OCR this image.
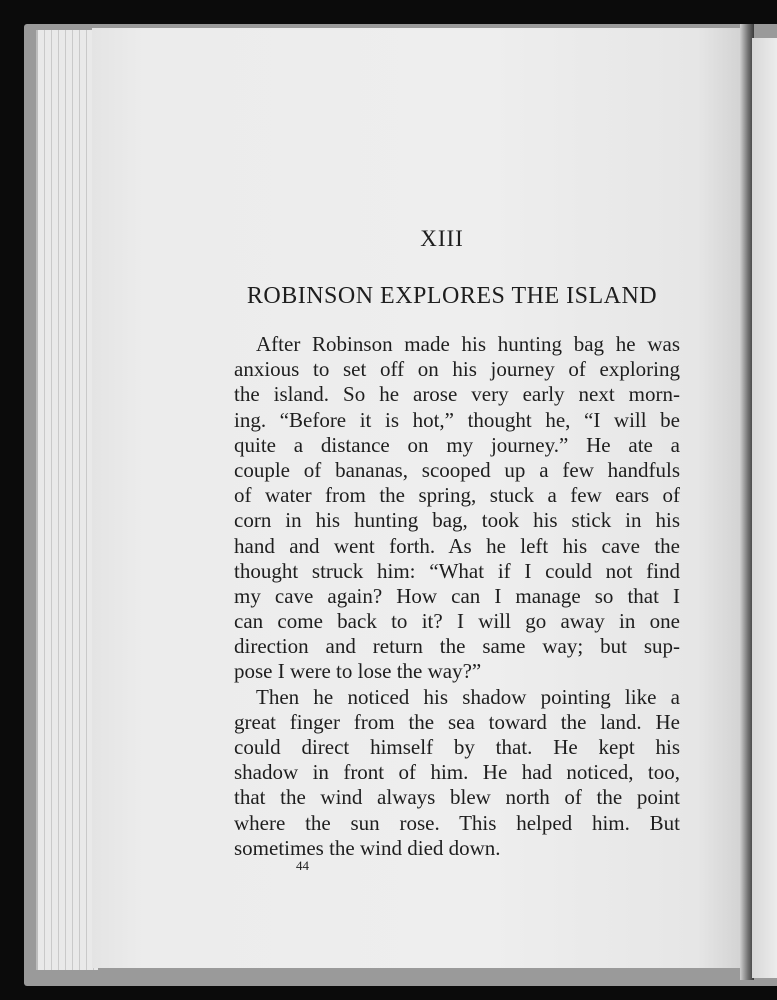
XIII
ROBINSON EXPLORES THE ISLAND
After Robinson made his hunting bag he was
anxious to set off on his journey of exploring
the island. So he arose very early next morn-
ing. “Before it is hot,” thought he, “I will be
quite a distance on my journey.” He ate a
couple of bananas, scooped up a few handfuls
of water from the spring, stuck a few ears of
corn in his hunting bag, took his stick in his
hand and went forth. As he left his cave the
thought struck him: “What if I could not find
my cave again? How can I manage so that I
can come back to it? I will go away in one
direction and return the same way; but sup-
pose I were to lose the way?”
Then he noticed his shadow pointing like a
great finger from the sea toward the land. He
could direct himself by that. He kept his
shadow in front of him. He had noticed, too,
that the wind always blew north of the point
where the sun rose. This helped him. But
sometimes the wind died down.
44
